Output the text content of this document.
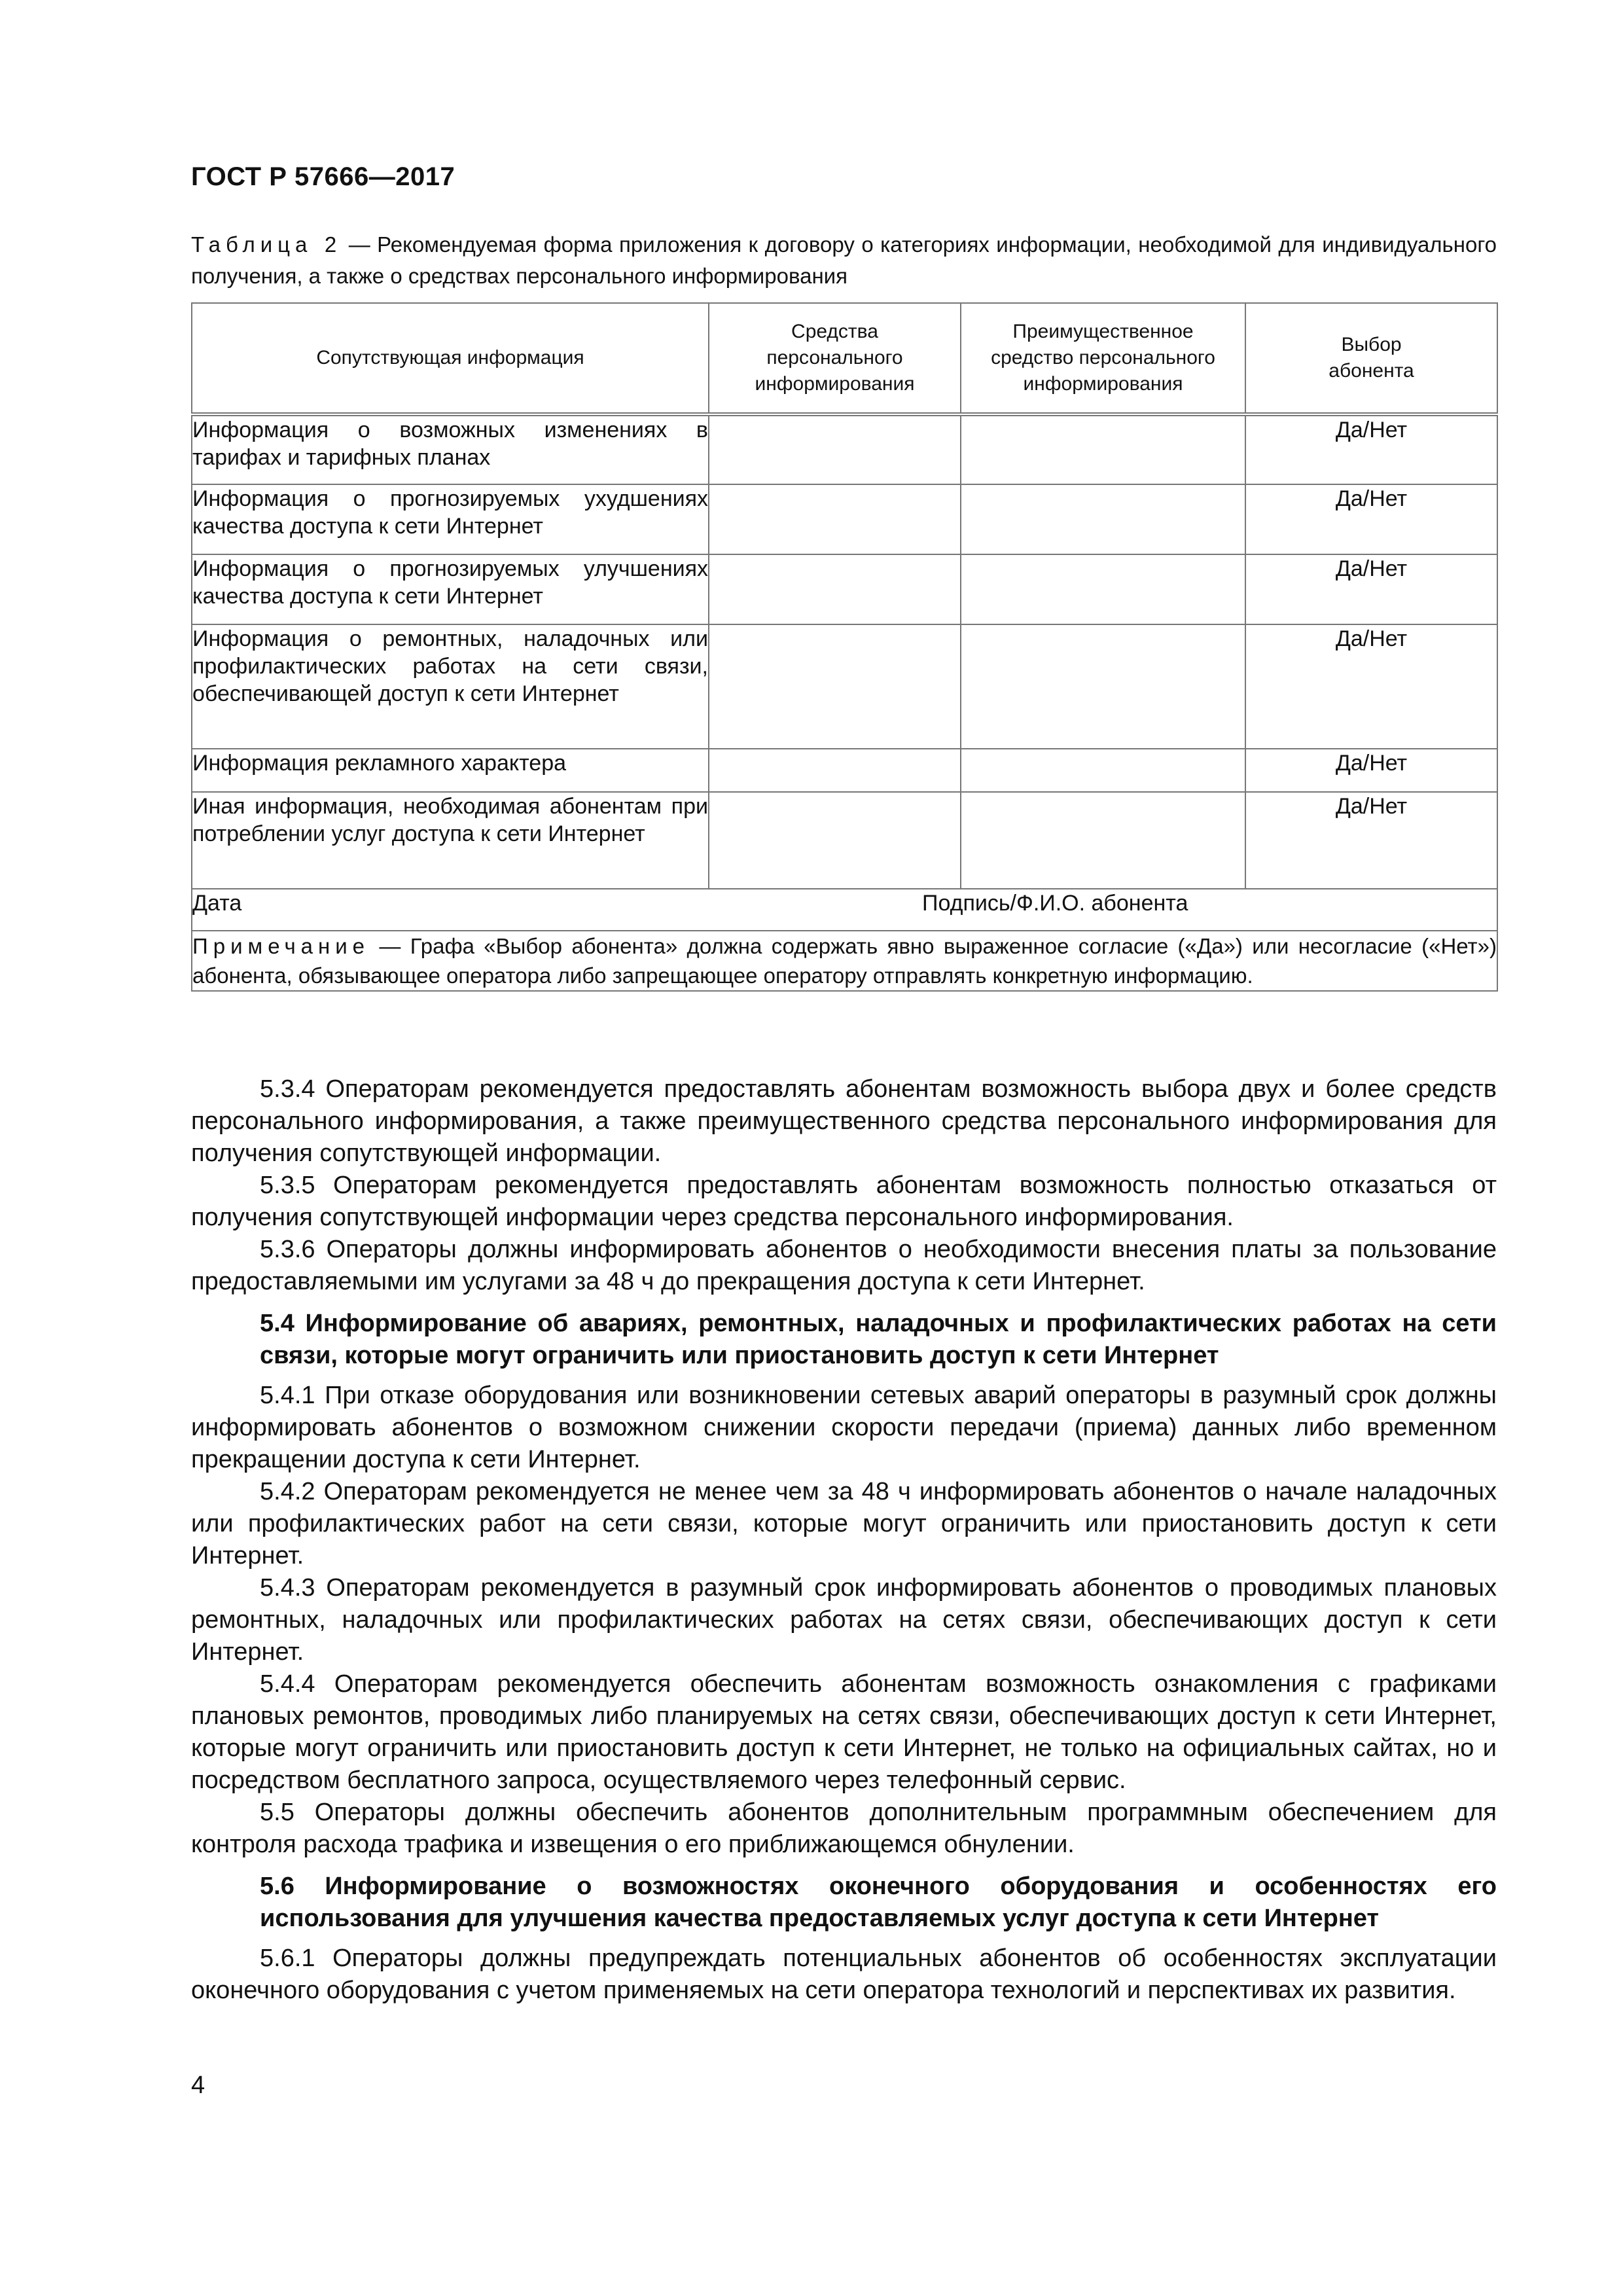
ГОСТ Р 57666—2017
Таблица 2 — Рекомендуемая форма приложения к договору о категориях информации, необходимой для индивидуального получения, а также о средствах персонального информирования
Сопутствующая информация	Средства персонального информирования	Преимущественное средство персонального информирования	Выбор абонента
Информация о возможных изменениях в тарифах и тарифных планах			Да/Нет
Информация о прогнозируемых ухудшениях качества доступа к сети Интернет			Да/Нет
Информация о прогнозируемых улучшениях качества доступа к сети Интернет			Да/Нет
Информация о ремонтных, наладочных или профилактических работах на сети связи, обеспечивающей доступ к сети Интернет			Да/Нет
Информация рекламного характера			Да/Нет
Иная информация, необходимая абонентам при потреблении услуг доступа к сети Интернет			Да/Нет

Дата Подпись/Ф.И.О. абонента			

Примечание — Графа «Выбор абонента» должна содержать явно выраженное согласие («Да») или несогласие («Нет») абонента, обязывающее оператора либо запрещающее оператору отправлять конкретную информацию.			

5.3.4 Операторам рекомендуется предоставлять абонентам возможность выбора двух и более средств персонального информирования, а также преимущественного средства персонального информирования для получения сопутствующей информации.

5.3.5 Операторам рекомендуется предоставлять абонентам возможность полностью отказаться от получения сопутствующей информации через средства персонального информирования.

5.3.6 Операторы должны информировать абонентов о необходимости внесения платы за пользование предоставляемыми им услугами за 48 ч до прекращения доступа к сети Интернет.

5.4 Информирование об авариях, ремонтных, наладочных и профилактических работах на сети связи, которые могут ограничить или приостановить доступ к сети Интернет

5.4.1 При отказе оборудования или возникновении сетевых аварий операторы в разумный срок должны информировать абонентов о возможном снижении скорости передачи (приема) данных либо временном прекращении доступа к сети Интернет.

5.4.2 Операторам рекомендуется не менее чем за 48 ч информировать абонентов о начале наладочных или профилактических работ на сети связи, которые могут ограничить или приостановить доступ к сети Интернет.

5.4.3 Операторам рекомендуется в разумный срок информировать абонентов о проводимых плановых ремонтных, наладочных или профилактических работах на сетях связи, обеспечивающих доступ к сети Интернет.

5.4.4 Операторам рекомендуется обеспечить абонентам возможность ознакомления с графиками плановых ремонтов, проводимых либо планируемых на сетях связи, обеспечивающих доступ к сети Интернет, которые могут ограничить или приостановить доступ к сети Интернет, не только на официальных сайтах, но и посредством бесплатного запроса, осуществляемого через телефонный сервис.

5.5 Операторы должны обеспечить абонентов дополнительным программным обеспечением для контроля расхода трафика и извещения о его приближающемся обнулении.

5.6 Информирование о возможностях оконечного оборудования и особенностях его использования для улучшения качества предоставляемых услуг доступа к сети Интернет

5.6.1 Операторы должны предупреждать потенциальных абонентов об особенностях эксплуатации оконечного оборудования с учетом применяемых на сети оператора технологий и перспективах их развития.

4
